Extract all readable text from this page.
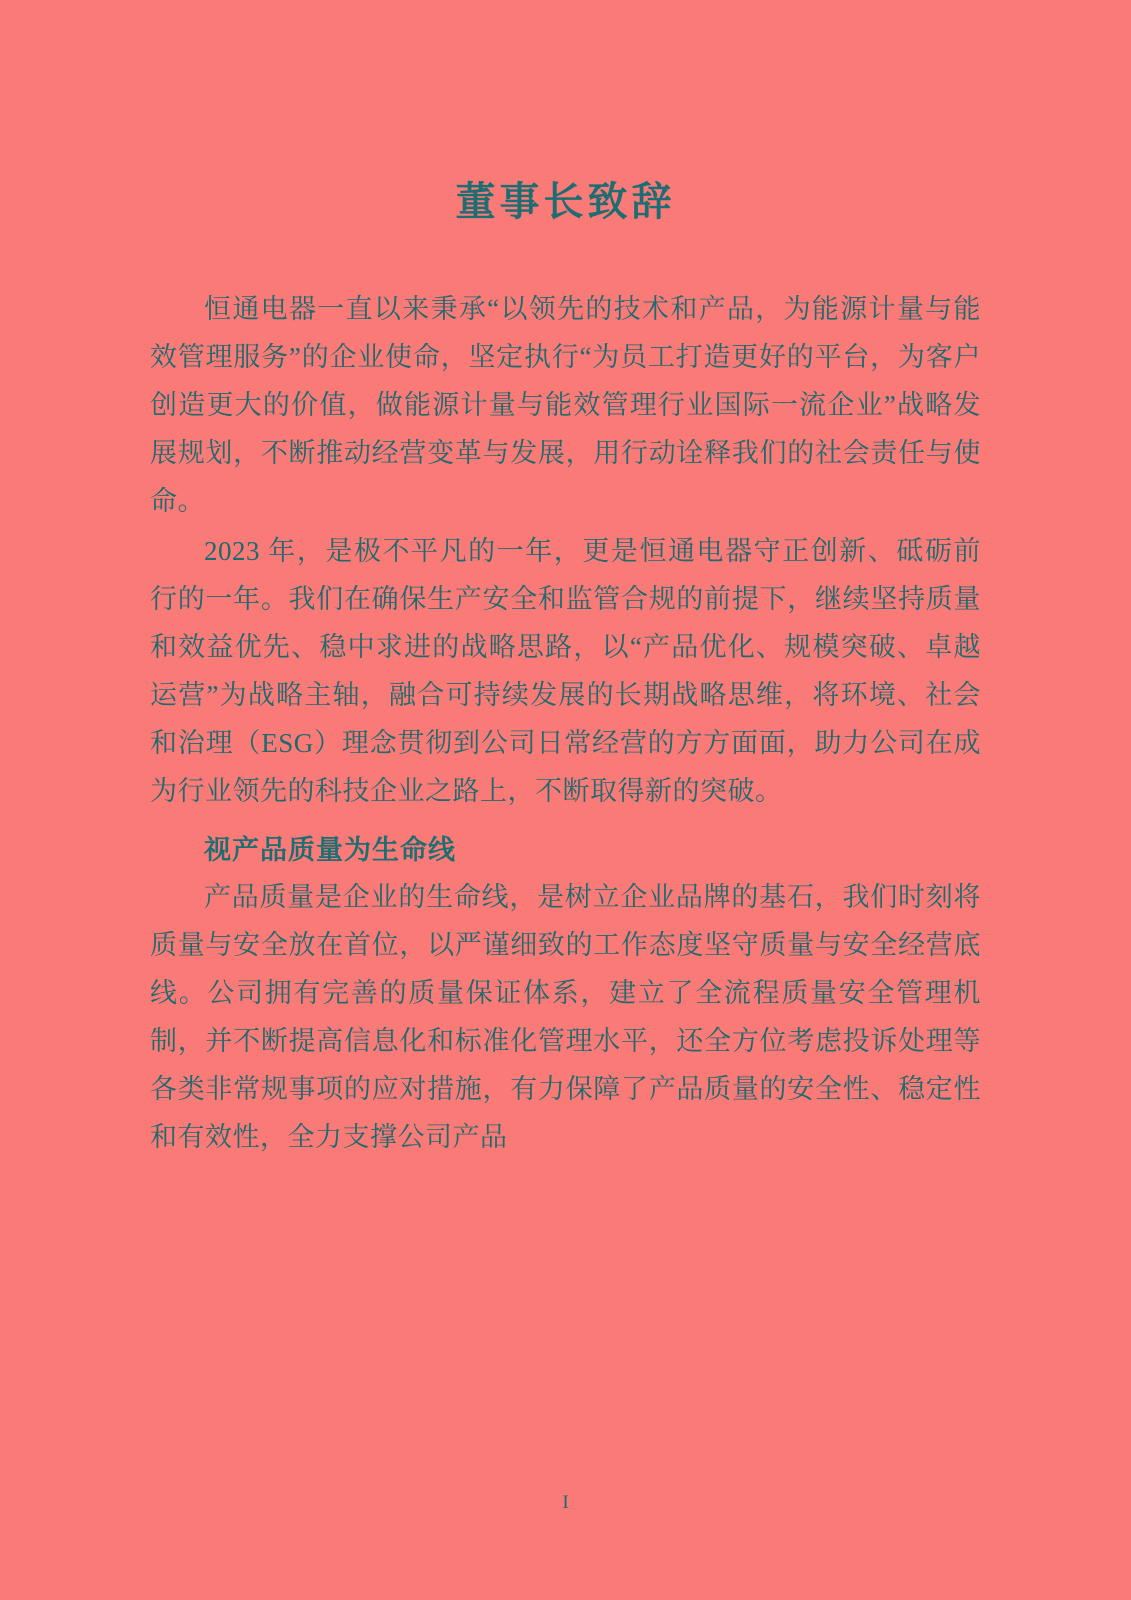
董事长致辞

恒通电器一直以来秉承“以领先的技术和产品，为能源计量与能效管理服务”的企业使命，坚定执行“为员工打造更好的平台，为客户创造更大的价值，做能源计量与能效管理行业国际一流企业”战略发展规划，不断推动经营变革与发展，用行动诠释我们的社会责任与使命。

2023 年，是极不平凡的一年，更是恒通电器守正创新、砥砺前行的一年。我们在确保生产安全和监管合规的前提下，继续坚持质量和效益优先、稳中求进的战略思路，以“产品优化、规模突破、卓越运营”为战略主轴，融合可持续发展的长期战略思维，将环境、社会和治理（ESG）理念贯彻到公司日常经营的方方面面，助力公司在成为行业领先的科技企业之路上，不断取得新的突破。

视产品质量为生命线

产品质量是企业的生命线，是树立企业品牌的基石，我们时刻将质量与安全放在首位，以严谨细致的工作态度坚守质量与安全经营底线。公司拥有完善的质量保证体系，建立了全流程质量安全管理机制，并不断提高信息化和标准化管理水平，还全方位考虑投诉处理等各类非常规事项的应对措施，有力保障了产品质量的安全性、稳定性和有效性，全力支撑公司产品

I
